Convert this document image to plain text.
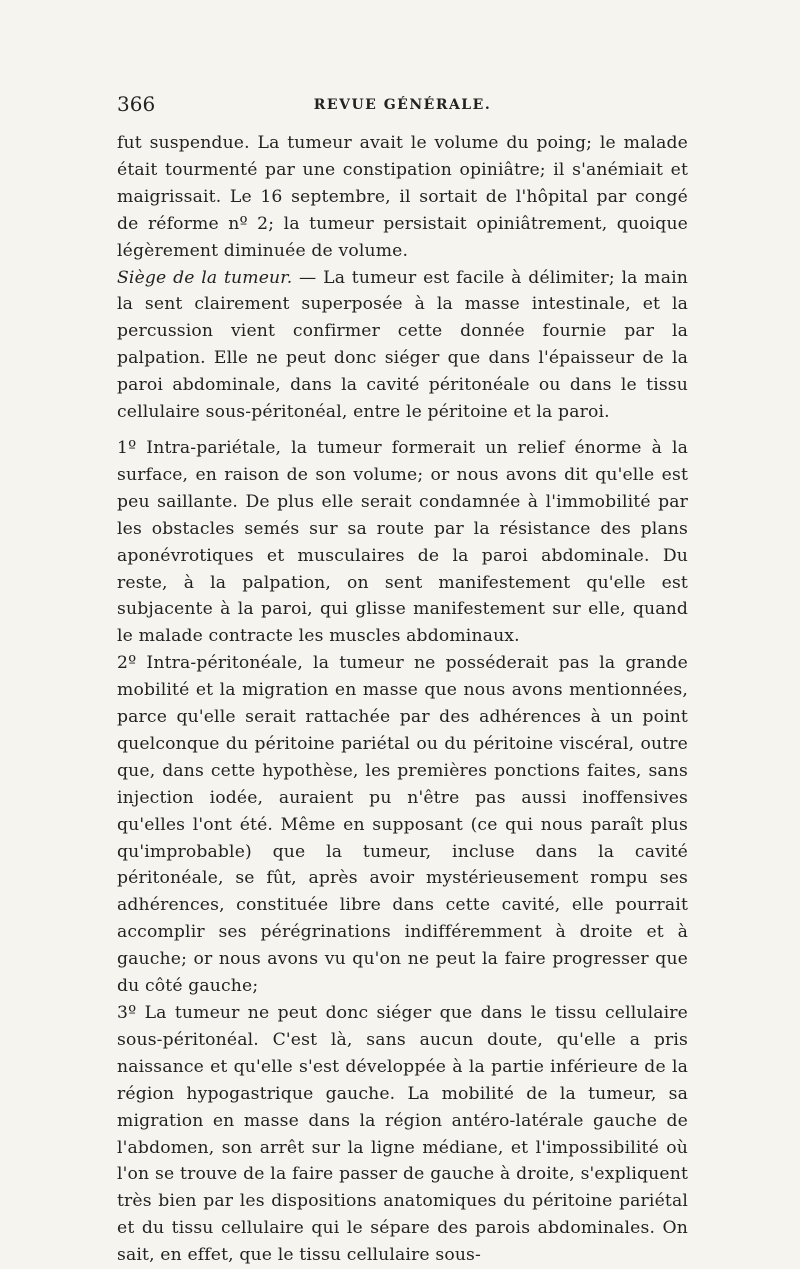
366	REVUE GÉNÉRALE.

fut suspendue. La tumeur avait le volume du poing; le malade était tourmenté par une constipation opiniâtre; il s'anémiait et maigrissait. Le 16 septembre, il sortait de l'hôpital par congé de réforme nº 2; la tumeur persistait opiniâtrement, quoique légèrement diminuée de volume.

Siège de la tumeur. — La tumeur est facile à délimiter; la main la sent clairement superposée à la masse intestinale, et la percussion vient confirmer cette donnée fournie par la palpation. Elle ne peut donc siéger que dans l'épaisseur de la paroi abdominale, dans la cavité péritonéale ou dans le tissu cellulaire sous-péritonéal, entre le péritoine et la paroi.

1º Intra-pariétale, la tumeur formerait un relief énorme à la surface, en raison de son volume; or nous avons dit qu'elle est peu saillante. De plus elle serait condamnée à l'immobilité par les obstacles semés sur sa route par la résistance des plans aponévrotiques et musculaires de la paroi abdominale. Du reste, à la palpation, on sent manifestement qu'elle est subjacente à la paroi, qui glisse manifestement sur elle, quand le malade contracte les muscles abdominaux.

2º Intra-péritonéale, la tumeur ne posséderait pas la grande mobilité et la migration en masse que nous avons mentionnées, parce qu'elle serait rattachée par des adhérences à un point quelconque du péritoine pariétal ou du péritoine viscéral, outre que, dans cette hypothèse, les premières ponctions faites, sans injection iodée, auraient pu n'être pas aussi inoffensives qu'elles l'ont été. Même en supposant (ce qui nous paraît plus qu'improbable) que la tumeur, incluse dans la cavité péritonéale, se fût, après avoir mystérieusement rompu ses adhérences, constituée libre dans cette cavité, elle pourrait accomplir ses pérégrinations indifféremment à droite et à gauche; or nous avons vu qu'on ne peut la faire progresser que du côté gauche;

3º La tumeur ne peut donc siéger que dans le tissu cellulaire sous-péritonéal. C'est là, sans aucun doute, qu'elle a pris naissance et qu'elle s'est développée à la partie inférieure de la région hypogastrique gauche. La mobilité de la tumeur, sa migration en masse dans la région antéro-latérale gauche de l'abdomen, son arrêt sur la ligne médiane, et l'impossibilité où l'on se trouve de la faire passer de gauche à droite, s'expliquent très bien par les dispositions anatomiques du péritoine pariétal et du tissu cellulaire qui le sépare des parois abdominales. On sait, en effet, que le tissu cellulaire sous-
